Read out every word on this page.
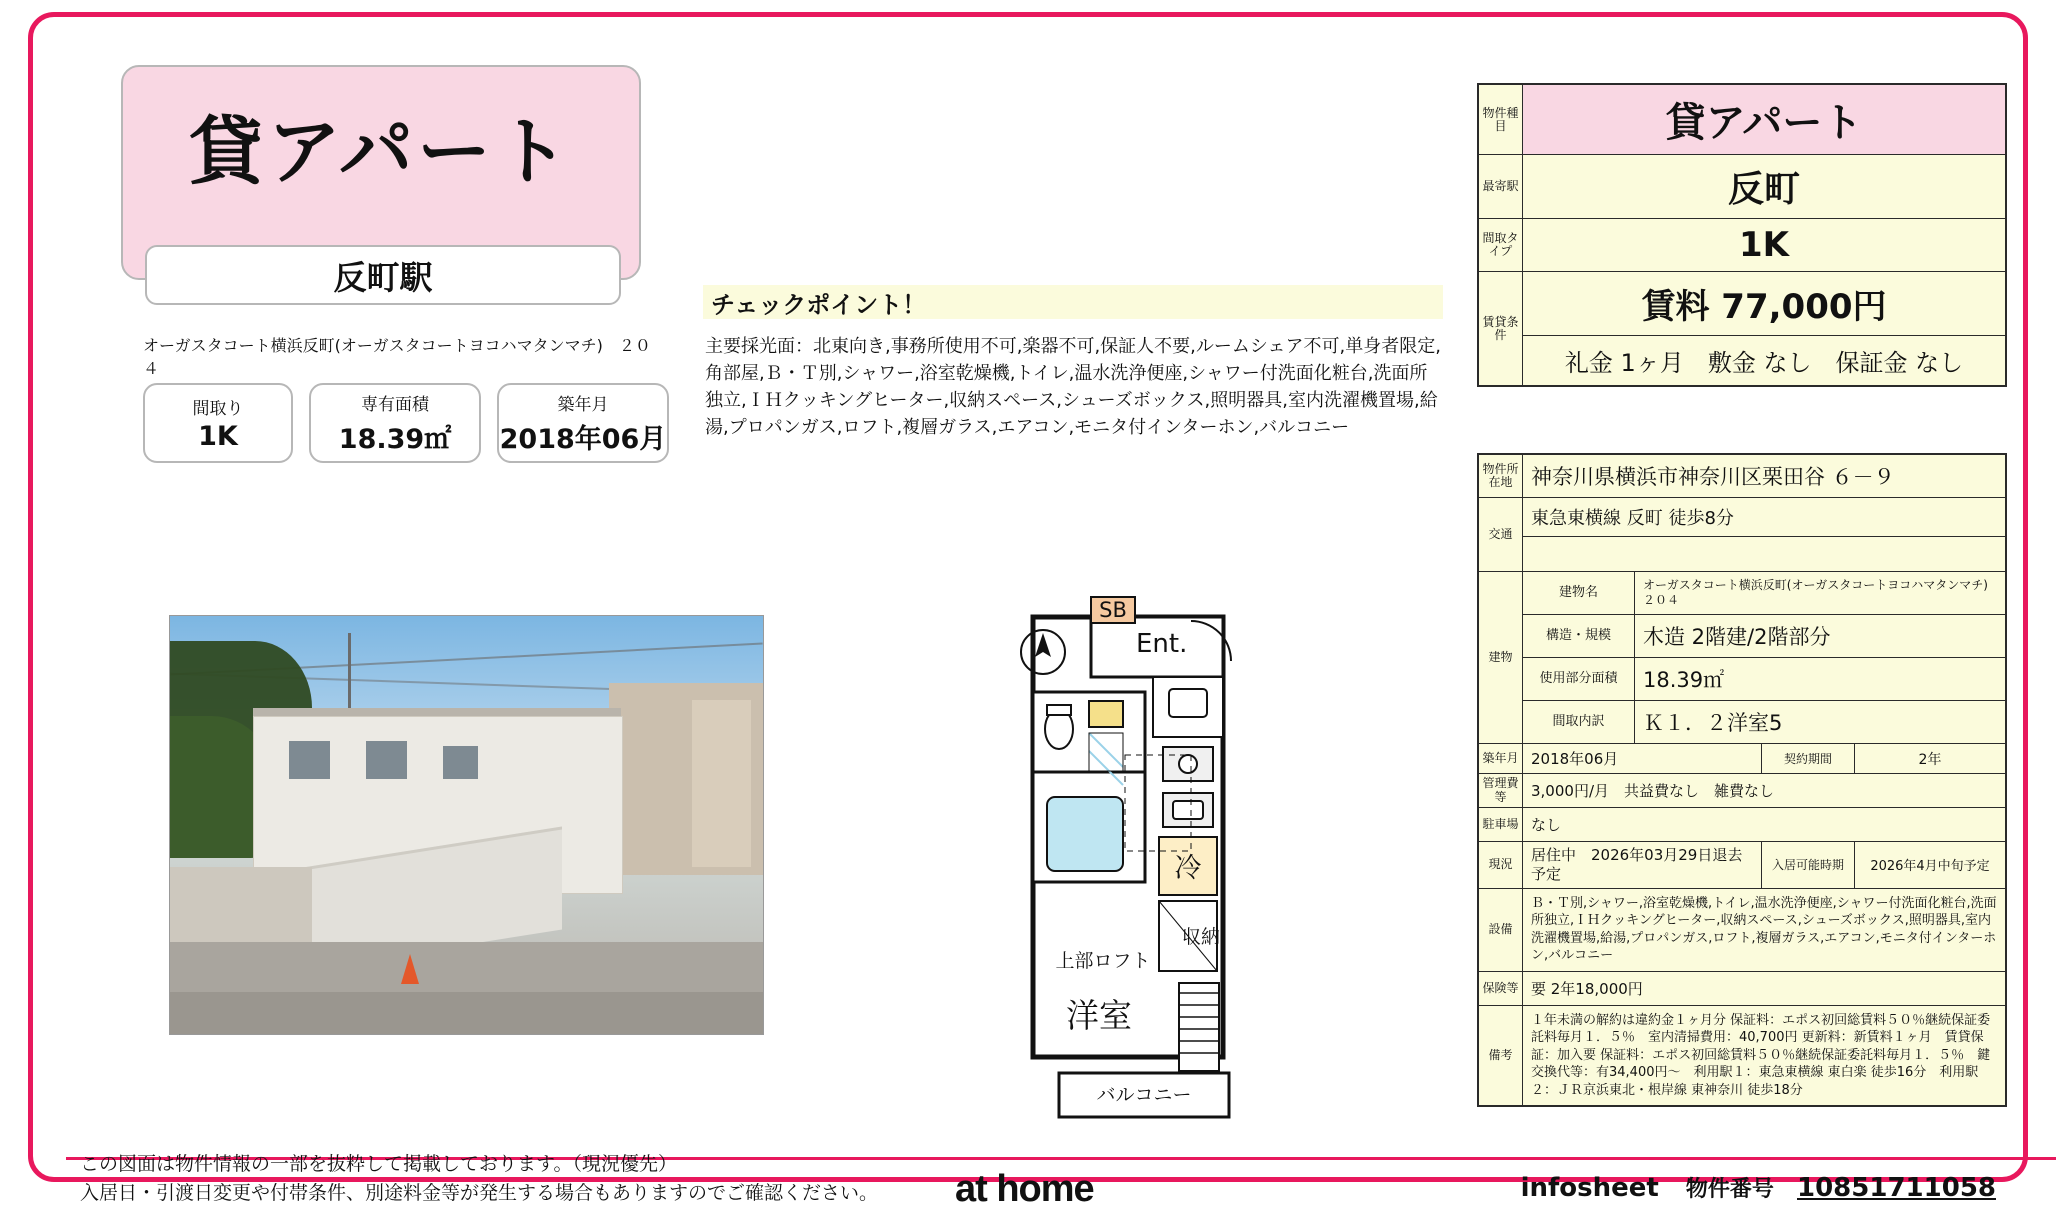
貸アパート
反町駅
オーガスタコート横浜反町(オーガスタコートヨコハマタンマチ)　２０４
間取り
1K
専有面積
18.39㎡
築年月
2018年06月
チェックポイント！
主要採光面：北東向き,事務所使用不可,楽器不可,保証人不要,ルームシェア不可,単身者限定,角部屋,Ｂ・Ｔ別,シャワー,浴室乾燥機,トイレ,温水洗浄便座,シャワー付洗面化粧台,洗面所独立,ＩＨクッキングヒーター,収納スペース,シューズボックス,照明器具,室内洗濯機置場,給湯,プロパンガス,ロフト,複層ガラス,エアコン,モニタ付インターホン,バルコニー
SB
Ent.
冷
収納
上部ロフト
洋室
バルコニー
物件種目	貸アパート
最寄駅	反町
間取タイプ	1K
賃貸条件
賃料 77,000円
礼金 1ヶ月　敷金 なし　保証金 なし
物件所在地 神奈川県横浜市神奈川区栗田谷 ６－９
交通
東急東横線 反町 徒歩8分
建物
建物名	オーガスタコート横浜反町(オーガスタコートヨコハマタンマチ)　２０４
構造・規模	木造 2階建/2階部分
使用部分面積	18.39㎡
間取内訳	Ｋ１．２洋室5
築年月 2018年06月	契約期間	2年
管理費等	3,000円/月　共益費なし　雑費なし
駐車場 なし
現況
居住中　2026年03月29日退去予定	入居可能時期	2026年4月中旬予定
設備
Ｂ・Ｔ別,シャワー,浴室乾燥機,トイレ,温水洗浄便座,シャワー付洗面化粧台,洗面所独立,ＩＨクッキングヒーター,収納スペース,シューズボックス,照明器具,室内洗濯機置場,給湯,プロパンガス,ロフト,複層ガラス,エアコン,モニタ付インターホン,バルコニー
保険等 要 2年18,000円
備考
１年未満の解約は違約金１ヶ月分 保証料：エポス初回総賃料５０％継続保証委託料毎月１．５％　室内清掃費用：40,700円 更新料：新賃料１ヶ月　賃貸保証：加入要 保証料：エポス初回総賃料５０％継続保証委託料毎月１．５％　鍵交換代等：有34,400円～　利用駅１：東急東横線 東白楽 徒歩16分　利用駅２：ＪＲ京浜東北・根岸線 東神奈川 徒歩18分
この図面は物件情報の一部を抜粋して掲載しております。（現況優先）
入居日・引渡日変更や付帯条件、別途料金等が発生する場合もありますのでご確認ください。	at home	infosheet 物件番号 10851711058
